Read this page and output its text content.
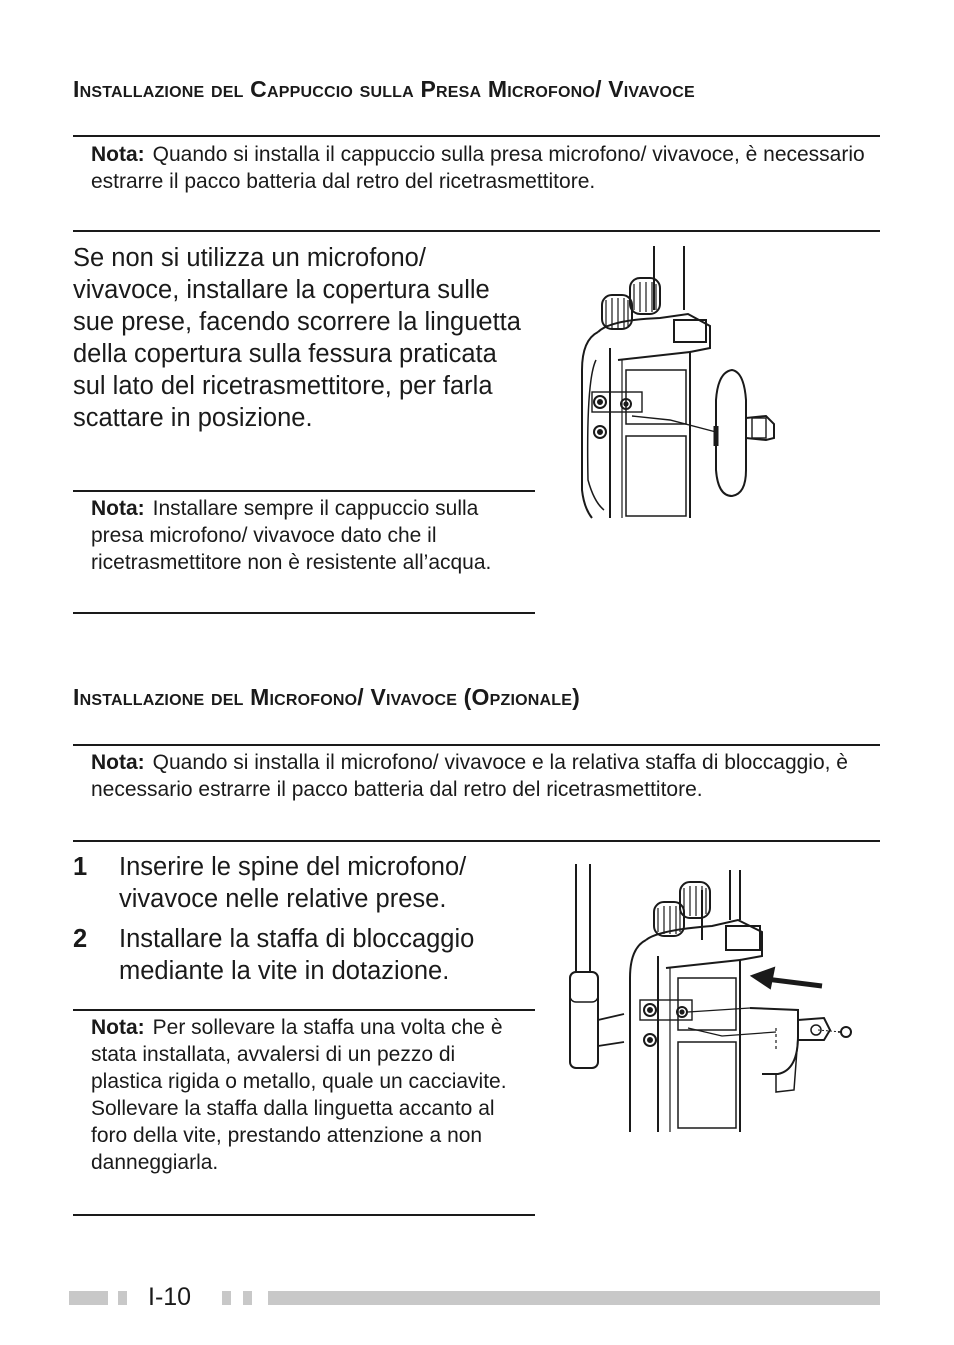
Installazione del Cappuccio sulla Presa Microfono/ Vivavoce
Nota: Quando si installa il cappuccio sulla presa microfono/ vivavoce, è necessario estrarre il pacco batteria dal retro del ricetrasmettitore.
Se non si utilizza un microfono/ vivavoce, installare la copertura sulle sue prese, facendo scorrere la linguetta della copertura sulla fessura praticata sul lato del ricetrasmettitore, per farla scattare in posizione.
Nota: Installare sempre il cappuccio sulla presa microfono/ vivavoce dato che il ricetrasmettitore non è resistente all’acqua.
Installazione del Microfono/ Vivavoce (Opzionale)
Nota: Quando si installa il microfono/ vivavoce e la relativa staffa di bloccaggio, è necessario estrarre il pacco batteria dal retro del ricetrasmettitore.
1 Inserire le spine del microfono/ vivavoce nelle relative prese.
2 Installare la staffa di bloccaggio mediante la vite in dotazione.
Nota: Per sollevare la staffa una volta che è stata installata, avvalersi di un pezzo di plastica rigida o metallo, quale un cacciavite. Sollevare la staffa dalla linguetta accanto al foro della vite, prestando attenzione a non danneggiarla.
I-10
